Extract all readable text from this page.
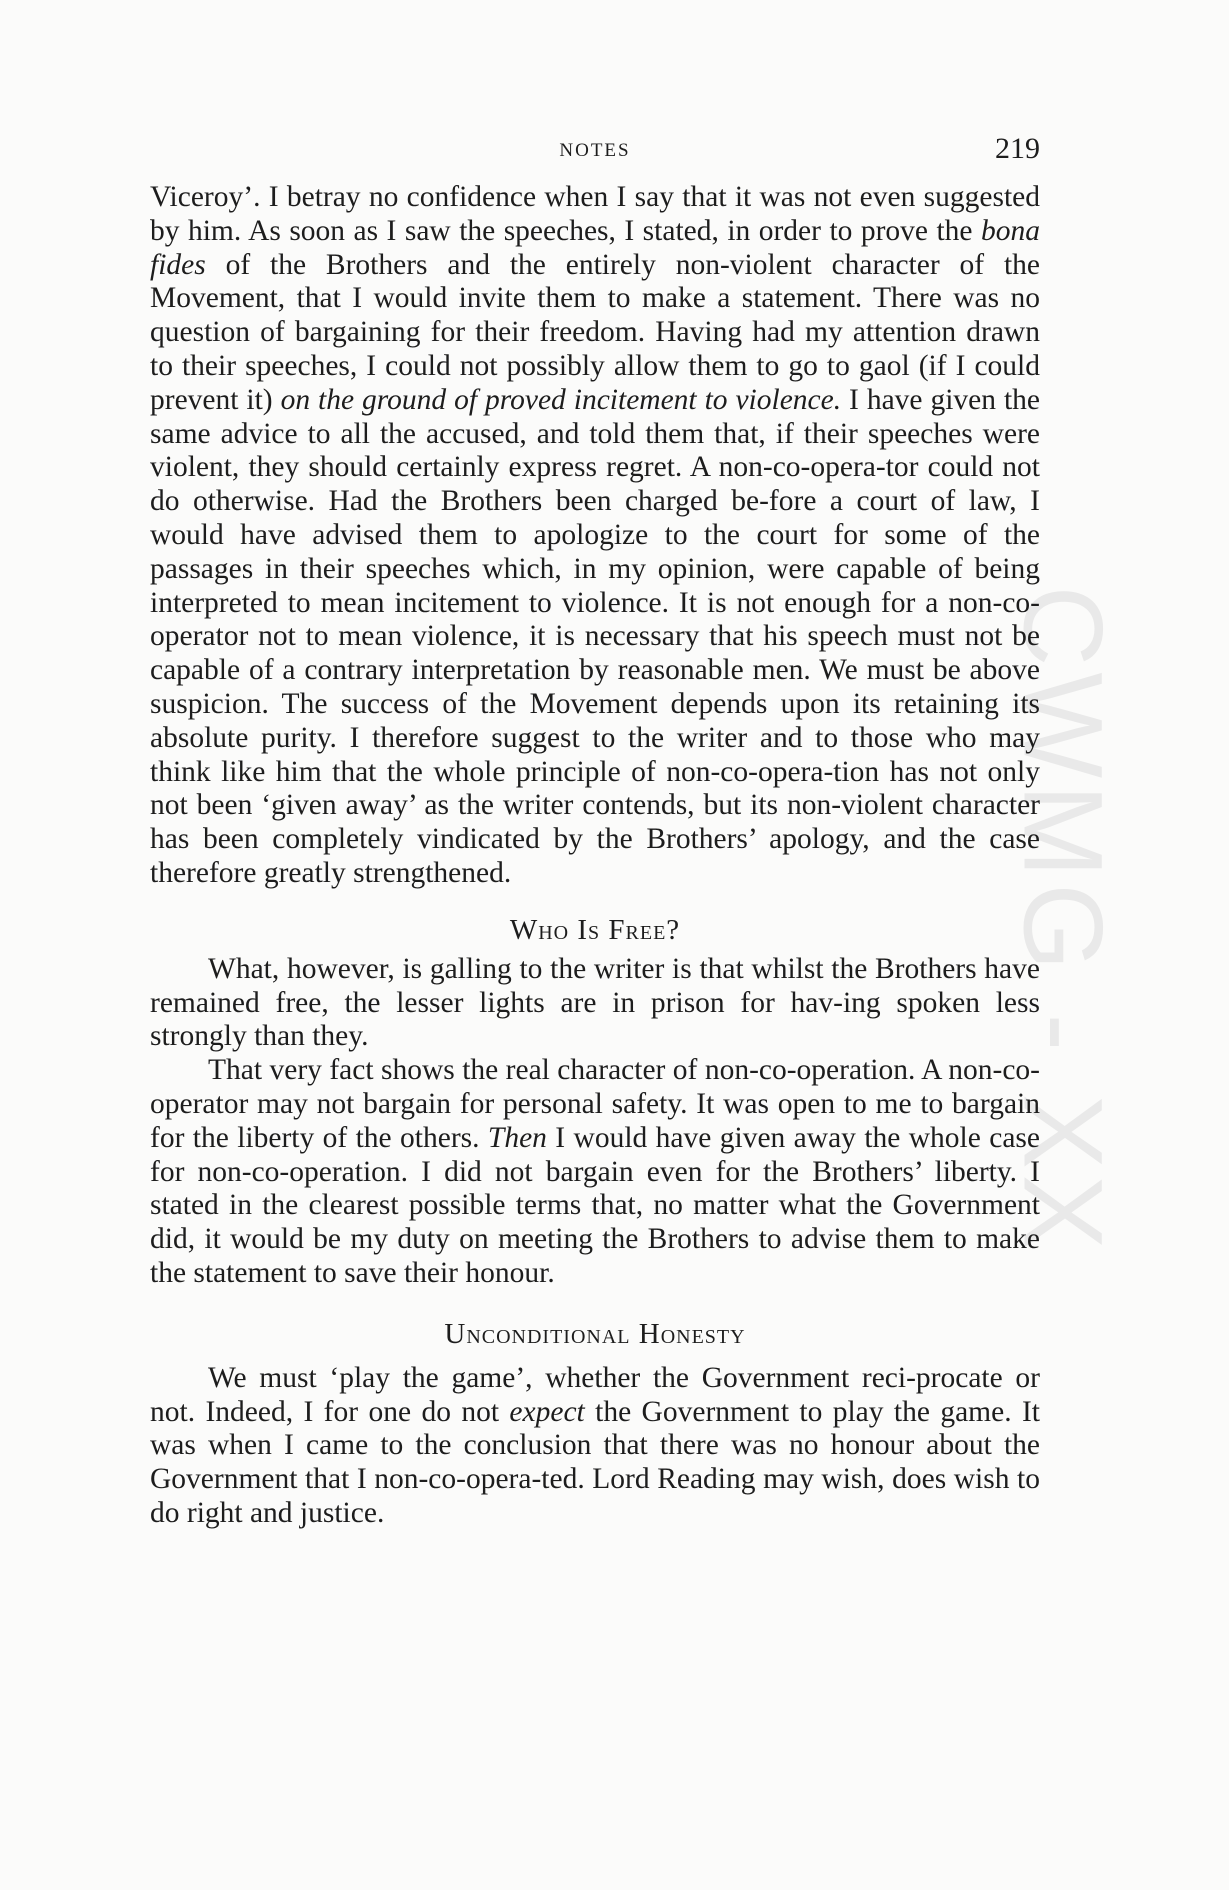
CWMG - XX
NOTES	219

Viceroy’. I betray no confidence when I say that it was not even suggested by him. As soon as I saw the speeches, I stated, in order to prove the bona fides of the Brothers and the entirely non-violent character of the Movement, that I would invite them to make a statement. There was no question of bargaining for their freedom. Having had my attention drawn to their speeches, I could not possibly allow them to go to gaol (if I could prevent it) on the ground of proved incitement to violence. I have given the same advice to all the accused, and told them that, if their speeches were violent, they should certainly express regret. A non-co-opera-tor could not do otherwise. Had the Brothers been charged be-fore a court of law, I would have advised them to apologize to the court for some of the passages in their speeches which, in my opinion, were capable of being interpreted to mean incitement to violence. It is not enough for a non-co-operator not to mean violence, it is necessary that his speech must not be capable of a contrary interpretation by reasonable men. We must be above suspicion. The success of the Movement depends upon its retaining its absolute purity. I therefore suggest to the writer and to those who may think like him that the whole principle of non-co-opera-tion has not only not been ‘given away’ as the writer contends, but its non-violent character has been completely vindicated by the Brothers’ apology, and the case therefore greatly strengthened.

Who Is Free?

What, however, is galling to the writer is that whilst the Brothers have remained free, the lesser lights are in prison for hav-ing spoken less strongly than they.

That very fact shows the real character of non-co-operation. A non-co-operator may not bargain for personal safety. It was open to me to bargain for the liberty of the others. Then I would have given away the whole case for non-co-operation. I did not bargain even for the Brothers’ liberty. I stated in the clearest possible terms that, no matter what the Government did, it would be my duty on meeting the Brothers to advise them to make the statement to save their honour.

Unconditional Honesty

We must ‘play the game’, whether the Government reci-procate or not. Indeed, I for one do not expect the Government to play the game. It was when I came to the conclusion that there was no honour about the Government that I non-co-opera-ted. Lord Reading may wish, does wish to do right and justice.
